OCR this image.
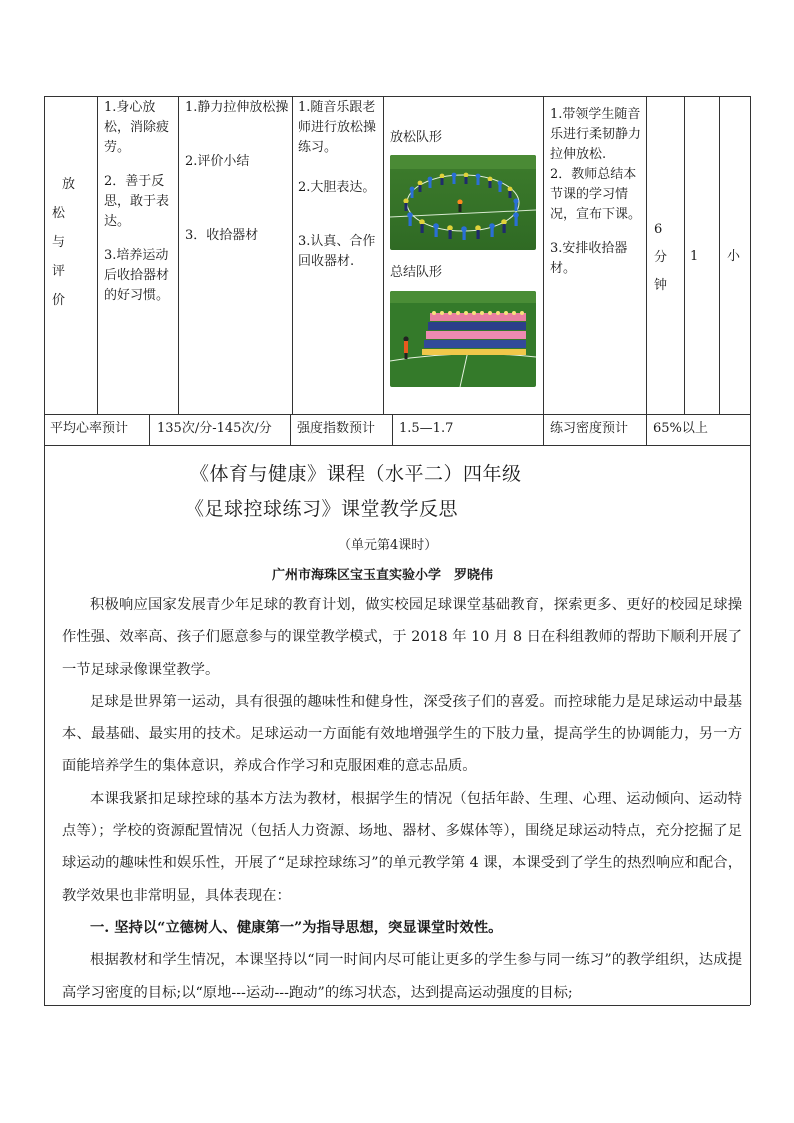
放
松
与
评
价

1.身心放松，消除疲劳。

2．善于反思，敢于表达。

3.培养运动后收拾器材的好习惯。

1.静力拉伸放松操

2.评价小结

3．收拾器材

1.随音乐跟老师进行放松操练习。

2.大胆表达。

3.认真、合作回收器材.

放松队形
总结队形

1.带领学生随音乐进行柔韧静力拉伸放松.

2．教师总结本节课的学习情况，宣布下课。

3.安排收拾器材。

6
分
钟
1 小
平均心率预计 135次/分-145次/分 强度指数预计 1.5—1.7	练习密度预计 65%以上
《体育与健康》课程（水平二）四年级
《足球控球练习》课堂教学反思
（单元第4课时）
广州市海珠区宝玉直实验小学　罗晓伟

积极响应国家发展青少年足球的教育计划，做实校园足球课堂基础教育，探索更多、更好的校园足球操作性强、效率高、孩子们愿意参与的课堂教学模式，于 2018 年 10 月 8 日在科组教师的帮助下顺利开展了一节足球录像课堂教学。

足球是世界第一运动，具有很强的趣味性和健身性，深受孩子们的喜爱。而控球能力是足球运动中最基本、最基础、最实用的技术。足球运动一方面能有效地增强学生的下肢力量，提高学生的协调能力，另一方面能培养学生的集体意识，养成合作学习和克服困难的意志品质。

本课我紧扣足球控球的基本方法为教材，根据学生的情况（包括年龄、生理、心理、运动倾向、运动特点等）；学校的资源配置情况（包括人力资源、场地、器材、多媒体等），围绕足球运动特点，充分挖掘了足球运动的趣味性和娱乐性，开展了“足球控球练习”的单元教学第 4 课，本课受到了学生的热烈响应和配合，教学效果也非常明显，具体表现在：

一. 坚持以“立德树人、健康第一”为指导思想，突显课堂时效性。

根据教材和学生情况，本课坚持以“同一时间内尽可能让更多的学生参与同一练习”的教学组织，达成提高学习密度的目标;以“原地---运动---跑动”的练习状态，达到提高运动强度的目标;
